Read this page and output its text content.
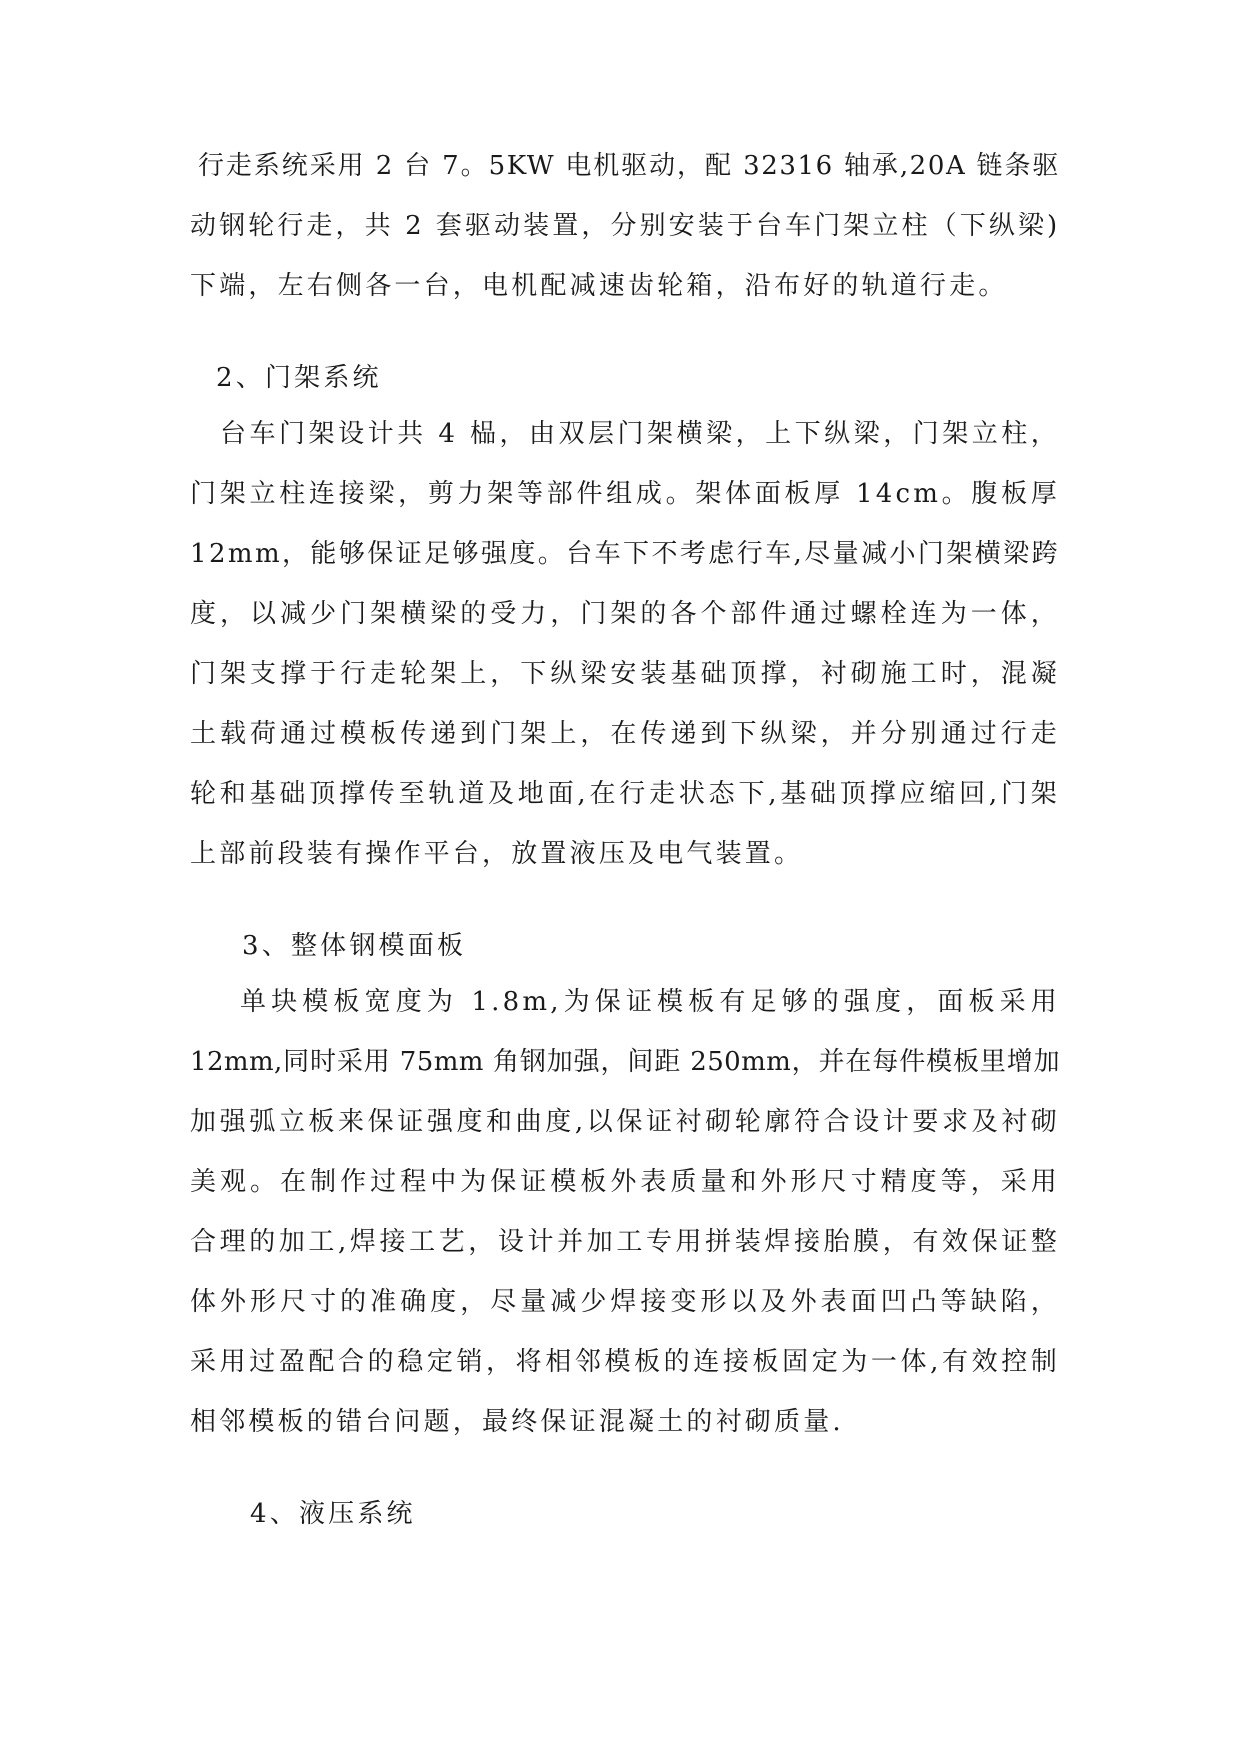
行走系统采用 2 台 7。5KW 电机驱动，配 32316 轴承,20A 链条驱
动钢轮行走，共 2 套驱动装置，分别安装于台车门架立柱（下纵梁)
下端，左右侧各一台，电机配减速齿轮箱，沿布好的轨道行走。
2、门架系统
台车门架设计共 4 榀，由双层门架横梁，上下纵梁，门架立柱，
门架立柱连接梁，剪力架等部件组成。架体面板厚 14cm。腹板厚
12mm，能够保证足够强度。台车下不考虑行车,尽量减小门架横梁跨
度，以减少门架横梁的受力，门架的各个部件通过螺栓连为一体，
门架支撑于行走轮架上，下纵梁安装基础顶撑，衬砌施工时，混凝
土载荷通过模板传递到门架上，在传递到下纵梁，并分别通过行走
轮和基础顶撑传至轨道及地面,在行走状态下,基础顶撑应缩回,门架
上部前段装有操作平台，放置液压及电气装置。
3、整体钢模面板
单块模板宽度为 1.8m,为保证模板有足够的强度，面板采用
12mm,同时采用 75mm 角钢加强，间距 250mm，并在每件模板里增加
加强弧立板来保证强度和曲度,以保证衬砌轮廓符合设计要求及衬砌
美观。在制作过程中为保证模板外表质量和外形尺寸精度等，采用
合理的加工,焊接工艺，设计并加工专用拼装焊接胎膜，有效保证整
体外形尺寸的准确度，尽量减少焊接变形以及外表面凹凸等缺陷，
采用过盈配合的稳定销，将相邻模板的连接板固定为一体,有效控制
相邻模板的错台问题，最终保证混凝土的衬砌质量.
4、液压系统
